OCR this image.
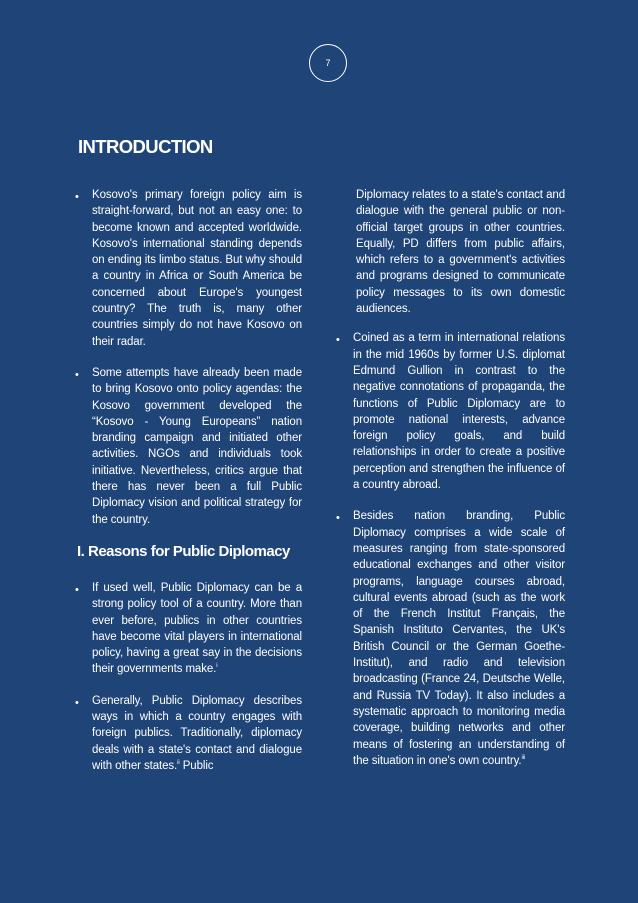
7
INTRODUCTION
• Kosovo's primary foreign policy aim is straight-forward, but not an easy one: to become known and accepted worldwide. Kosovo's international standing depends on ending its limbo status. But why should a country in Africa or South America be concerned about Europe's youngest country? The truth is, many other countries simply do not have Kosovo on their radar.

• Some attempts have already been made to bring Kosovo onto policy agendas: the Kosovo government developed the “Kosovo - Young Europeans” nation branding campaign and initiated other activities. NGOs and individuals took initiative. Nevertheless, critics argue that there has never been a full Public Diplomacy vision and political strategy for the country.

I. Reasons for Public Diplomacy
• If used well, Public Diplomacy can be a strong policy tool of a country. More than ever before, publics in other countries have become vital players in international policy, having a great say in the decisions their governments make.$^i$

• Generally, Public Diplomacy describes ways in which a country engages with foreign publics. Traditionally, diplomacy deals with a state's contact and dialogue with other states.$^{ii}$ Public

Diplomacy relates to a state's contact and dialogue with the general public or non-official target groups in other countries. Equally, PD differs from public affairs, which refers to a government's activities and programs designed to communicate policy messages to its own domestic audiences.

• Coined as a term in international relations in the mid 1960s by former U.S. diplomat Edmund Gullion in contrast to the negative connotations of propaganda, the functions of Public Diplomacy are to promote national interests, advance foreign policy goals, and build relationships in order to create a positive perception and strengthen the influence of a country abroad.

• Besides nation branding, Public Diplomacy comprises a wide scale of measures ranging from state-sponsored educational exchanges and other visitor programs, language courses abroad, cultural events abroad (such as the work of the French Institut Français, the Spanish Instituto Cervantes, the UK's British Council or the German Goethe-Institut), and radio and television broadcasting (France 24, Deutsche Welle, and Russia TV Today). It also includes a systematic approach to monitoring media coverage, building networks and other means of fostering an understanding of the situation in one's own country.$^{iii}$
